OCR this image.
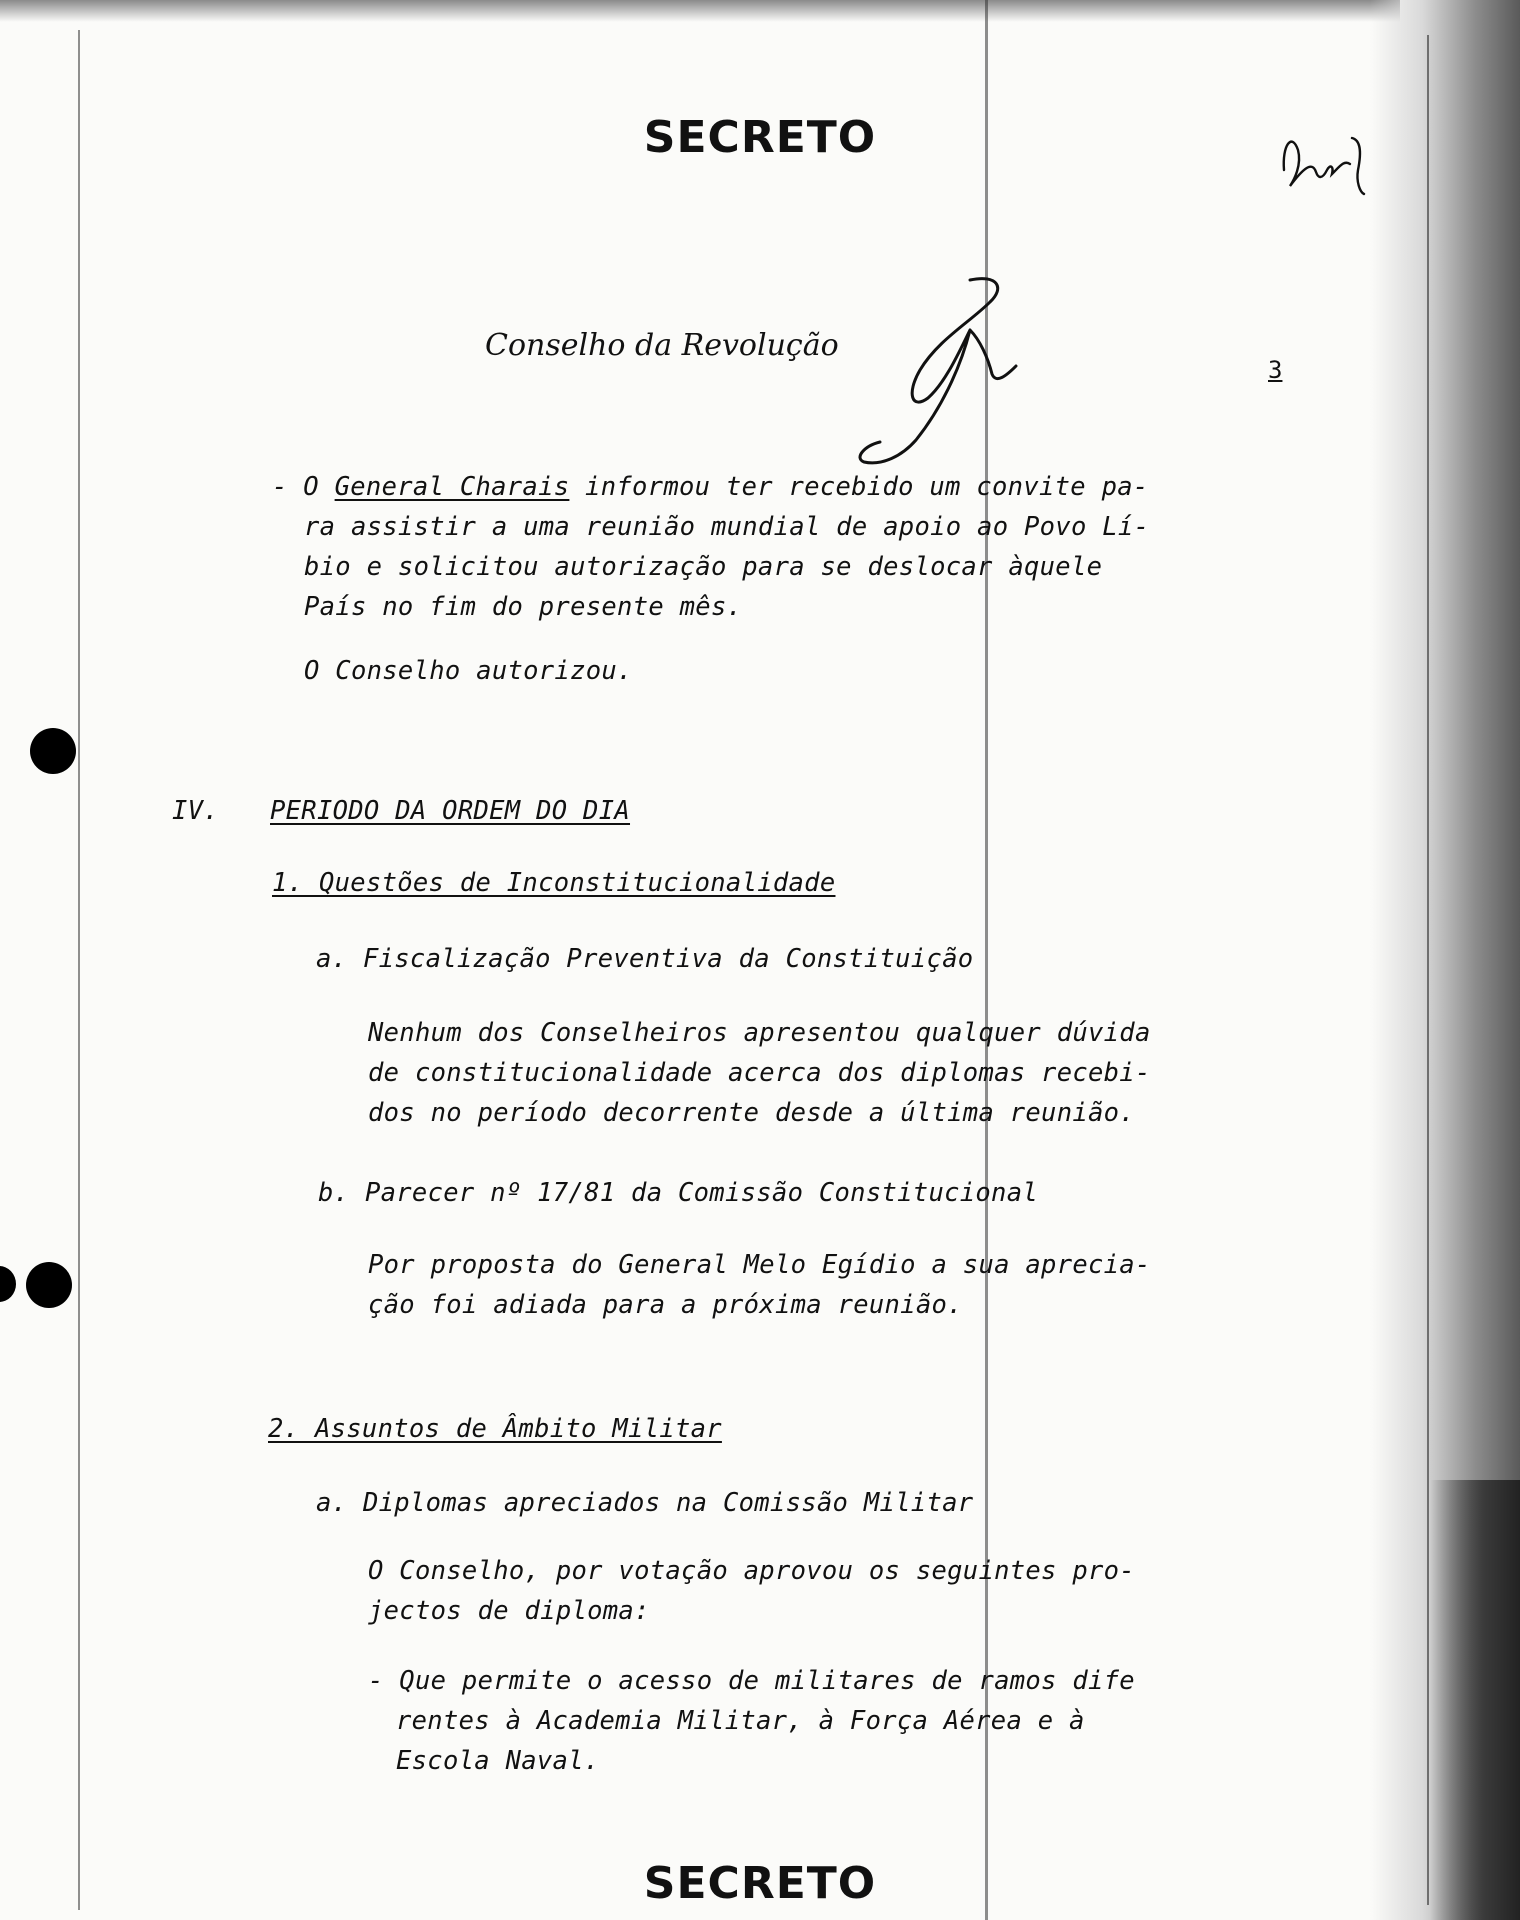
SECRETO
Conselho da Revolução
3
- O General Charais informou ter recebido um convite pa-
ra assistir a uma reunião mundial de apoio ao Povo Lí-
bio e solicitou autorização para se deslocar àquele
País no fim do presente mês.
O Conselho autorizou.
IV. PERIODO DA ORDEM DO DIA
1. Questões de Inconstitucionalidade
a. Fiscalização Preventiva da Constituição
Nenhum dos Conselheiros apresentou qualquer dúvida
de constitucionalidade acerca dos diplomas recebi-
dos no período decorrente desde a última reunião.
b. Parecer nº 17/81 da Comissão Constitucional
Por proposta do General Melo Egídio a sua aprecia-
ção foi adiada para a próxima reunião.
2. Assuntos de Âmbito Militar
a. Diplomas apreciados na Comissão Militar
O Conselho, por votação aprovou os seguintes pro-
jectos de diploma:
- Que permite o acesso de militares de ramos dife
rentes à Academia Militar, à Força Aérea e à
Escola Naval.
SECRETO
